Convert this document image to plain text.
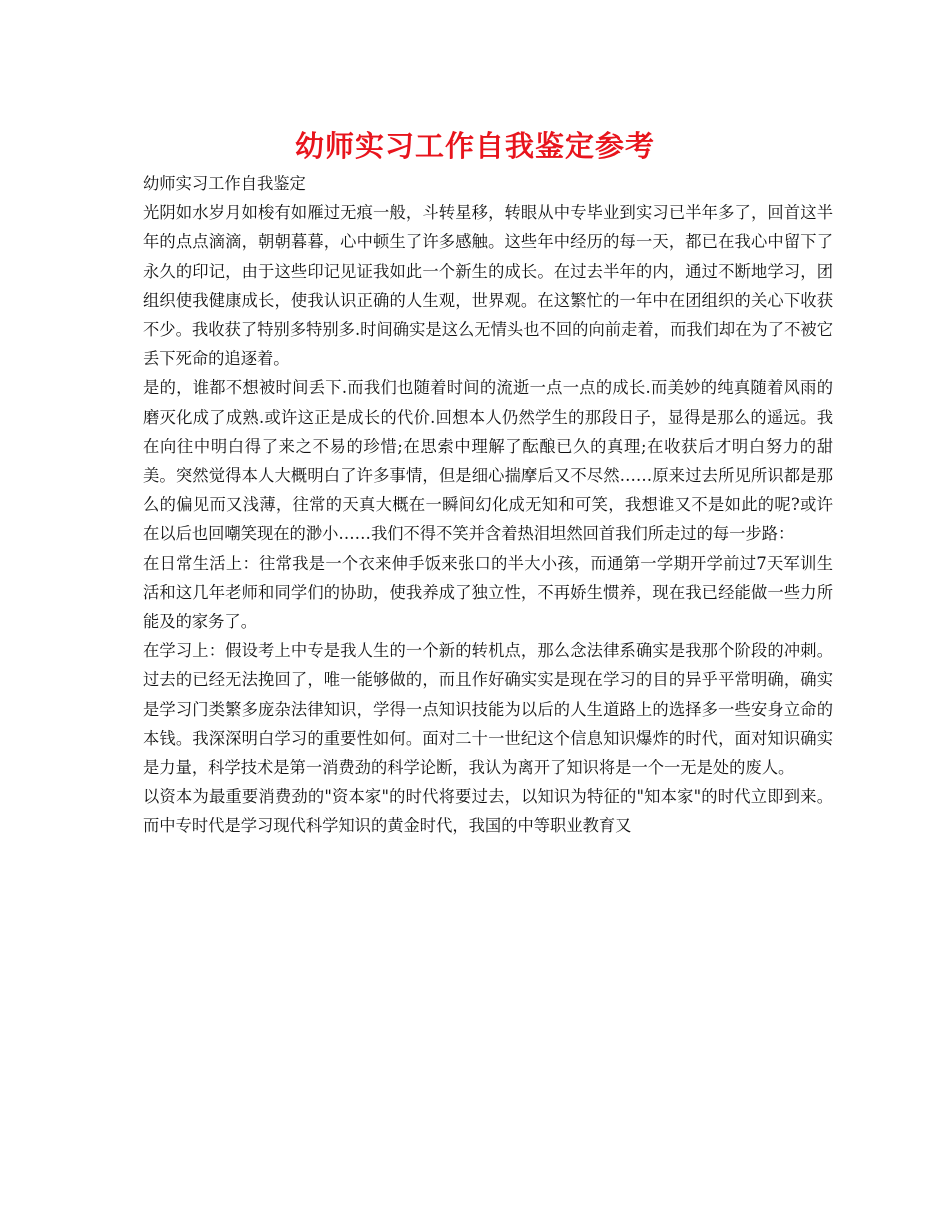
幼师实习工作自我鉴定参考

幼师实习工作自我鉴定

光阴如水岁月如梭有如雁过无痕一般，斗转星移，转眼从中专毕业到实习已半年多了，回首这半年的点点滴滴，朝朝暮暮，心中顿生了许多感触。这些年中经历的每一天，都已在我心中留下了永久的印记，由于这些印记见证我如此一个新生的成长。在过去半年的内，通过不断地学习，团组织使我健康成长，使我认识正确的人生观，世界观。在这繁忙的一年中在团组织的关心下收获不少。我收获了特别多特别多.时间确实是这么无情头也不回的向前走着，而我们却在为了不被它丢下死命的追逐着。

是的，谁都不想被时间丢下.而我们也随着时间的流逝一点一点的成长.而美妙的纯真随着风雨的磨灭化成了成熟.或许这正是成长的代价.回想本人仍然学生的那段日子，显得是那么的遥远。我在向往中明白得了来之不易的珍惜;在思索中理解了酝酿已久的真理;在收获后才明白努力的甜美。突然觉得本人大概明白了许多事情，但是细心揣摩后又不尽然……原来过去所见所识都是那么的偏见而又浅薄，往常的天真大概在一瞬间幻化成无知和可笑，我想谁又不是如此的呢?或许在以后也回嘲笑现在的渺小……我们不得不笑并含着热泪坦然回首我们所走过的每一步路：

在日常生活上：往常我是一个衣来伸手饭来张口的半大小孩，而通第一学期开学前过7天军训生活和这几年老师和同学们的协助，使我养成了独立性，不再娇生惯养，现在我已经能做一些力所能及的家务了。

在学习上：假设考上中专是我人生的一个新的转机点，那么念法律系确实是我那个阶段的冲刺。过去的已经无法挽回了，唯一能够做的，而且作好确实实是现在学习的目的异乎平常明确，确实是学习门类繁多庞杂法律知识，学得一点知识技能为以后的人生道路上的选择多一些安身立命的本钱。我深深明白学习的重要性如何。面对二十一世纪这个信息知识爆炸的时代，面对知识确实是力量，科学技术是第一消费劲的科学论断，我认为离开了知识将是一个一无是处的废人。

以资本为最重要消费劲的"资本家"的时代将要过去，以知识为特征的"知本家"的时代立即到来。而中专时代是学习现代科学知识的黄金时代，我国的中等职业教育又
